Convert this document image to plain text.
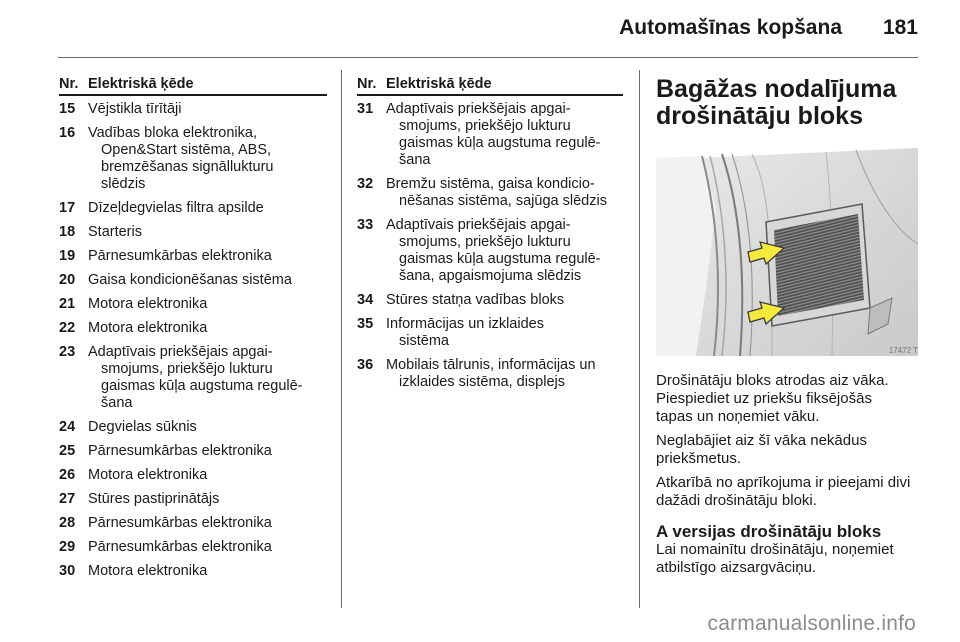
Automašīnas kopšana 181
Nr. Elektriskā ķēde
15 Vējstikla tīrītāji
16 Vadības bloka elektronika,
Open&Start sistēma, ABS,
bremzēšanas signāllukturu
slēdzis
17 Dīzeļdegvielas filtra apsilde
18 Starteris
19 Pārnesumkārbas elektronika
20 Gaisa kondicionēšanas sistēma
21 Motora elektronika
22 Motora elektronika
23 Adaptīvais priekšējais apgai-
smojums, priekšējo lukturu
gaismas kūļa augstuma regulē-
šana
24 Degvielas sūknis
25 Pārnesumkārbas elektronika
26 Motora elektronika
27 Stūres pastiprinātājs
28 Pārnesumkārbas elektronika
29 Pārnesumkārbas elektronika
30 Motora elektronika
Nr. Elektriskā ķēde
31 Adaptīvais priekšējais apgai-
smojums, priekšējo lukturu
gaismas kūļa augstuma regulē-
šana
32 Bremžu sistēma, gaisa kondicio-
nēšanas sistēma, sajūga slēdzis
33 Adaptīvais priekšējais apgai-
smojums, priekšējo lukturu
gaismas kūļa augstuma regulē-
šana, apgaismojuma slēdzis
34 Stūres statņa vadības bloks
35 Informācijas un izklaides
sistēma
36 Mobilais tālrunis, informācijas un
izklaides sistēma, displejs
Bagāžas nodalījuma
drošinātāju bloks
17472 T
Drošinātāju bloks atrodas aiz vāka.
Piespiediet uz priekšu fiksējošās
tapas un noņemiet vāku.
Neglabājiet aiz šī vāka nekādus
priekšmetus.
Atkarībā no aprīkojuma ir pieejami divi
dažādi drošinātāju bloki.
A versijas drošinātāju bloks
Lai nomainītu drošinātāju, noņemiet
atbilstīgo aizsargvāciņu.
carmanualsonline.info
